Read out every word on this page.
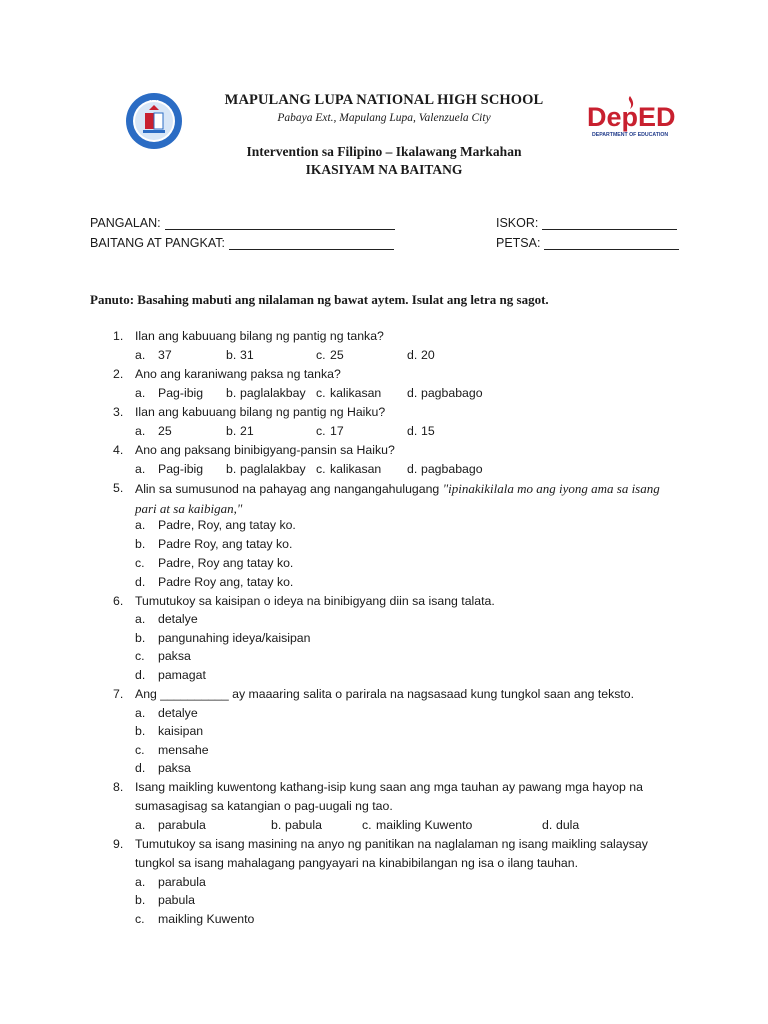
●●●●
DepED
DEPARTMENT OF EDUCATION
MAPULANG LUPA NATIONAL HIGH SCHOOL
Pabaya Ext., Mapulang Lupa, Valenzuela City
Intervention sa Filipino – Ikalawang Markahan
IKASIYAM NA BAITANG
PANGALAN:	ISKOR:
BAITANG AT PANGKAT:	PETSA:
Panuto: Basahing mabuti ang nilalaman ng bawat aytem. Isulat ang letra ng sagot.
1. Ilan ang kabuuang bilang ng pantig ng tanka?
a. 37	b. 31	c. 25	d. 20
2. Ano ang karaniwang paksa ng tanka?
a. Pag-ibig b. paglalakbay c. kalikasan d. pagbabago
3. Ilan ang kabuuang bilang ng pantig ng Haiku?
a. 25	b. 21	c. 17	d. 15
4. Ano ang paksang binibigyang-pansin sa Haiku?
a. Pag-ibig b. paglalakbay c. kalikasan d. pagbabago
5. Alin sa sumusunod na pahayag ang nangangahulugang "ipinakikilala mo ang iyong ama sa isang pari at sa kaibigan,"
a. Padre, Roy, ang tatay ko.
b. Padre Roy, ang tatay ko.
c. Padre, Roy ang tatay ko.
d. Padre Roy ang, tatay ko.
6. Tumutukoy sa kaisipan o ideya na binibigyang diin sa isang talata.
a. detalye
b. pangunahing ideya/kaisipan
c. paksa
d. pamagat
7. Ang __________ ay maaaring salita o parirala na nagsasaad kung tungkol saan ang teksto.
a. detalye
b. kaisipan
c. mensahe
d. paksa
8. Isang maikling kuwentong kathang-isip kung saan ang mga tauhan ay pawang mga hayop na sumasagisag sa katangian o pag-uugali ng tao.
a. parabula	b. pabula	c. maikling Kuwento	d. dula
9. Tumutukoy sa isang masining na anyo ng panitikan na naglalaman ng isang maikling salaysay tungkol sa isang mahalagang pangyayari na kinabibilangan ng isa o ilang tauhan.
a. parabula
b. pabula
c. maikling Kuwento
